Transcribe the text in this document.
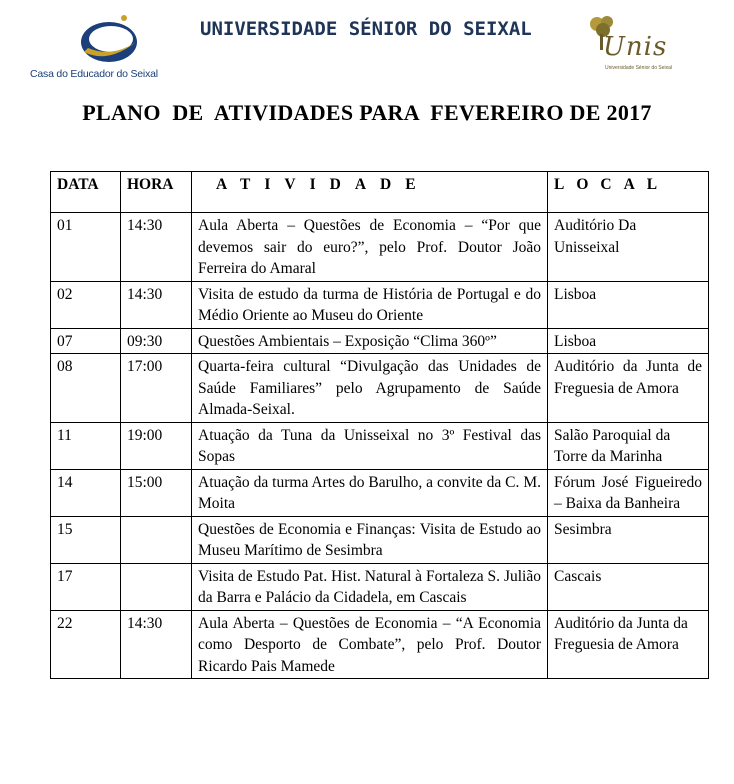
Casa do Educador do Seixal
UNIVERSIDADE SÉNIOR DO SEIXAL
Unis
Universidade Sénior do Seixal
PLANO  DE  ATIVIDADES PARA  FEVEREIRO DE 2017
DATA	HORA	ATIVIDADE	LOCAL
01	14:30	Aula Aberta – Questões de Economia – “Por que devemos sair do euro?”, pelo Prof. Doutor João Ferreira do Amaral	Auditório Da Unisseixal
02	14:30	Visita de estudo da turma de História de Portugal e do Médio Oriente ao Museu do Oriente	Lisboa
07	09:30	Questões Ambientais – Exposição “Clima 360º”	Lisboa
08	17:00	Quarta-feira cultural “Divulgação das Unidades de Saúde Familiares” pelo Agrupamento de Saúde Almada-Seixal.	Auditório da Junta de Freguesia de Amora
11	19:00	Atuação da Tuna da Unisseixal no 3º Festival das Sopas	Salão Paroquial da Torre da Marinha
14	15:00	Atuação da turma Artes do Barulho, a convite da C. M. Moita	Fórum José Figueiredo – Baixa da Banheira
15		Questões de Economia e Finanças: Visita de Estudo ao Museu Marítimo de Sesimbra	Sesimbra
17		Visita de Estudo Pat. Hist. Natural à Fortaleza S. Julião da Barra e Palácio da Cidadela, em Cascais	Cascais
22	14:30	Aula Aberta – Questões de Economia – “A Economia como Desporto de Combate”, pelo Prof. Doutor Ricardo Pais Mamede	Auditório da Junta da Freguesia de Amora
